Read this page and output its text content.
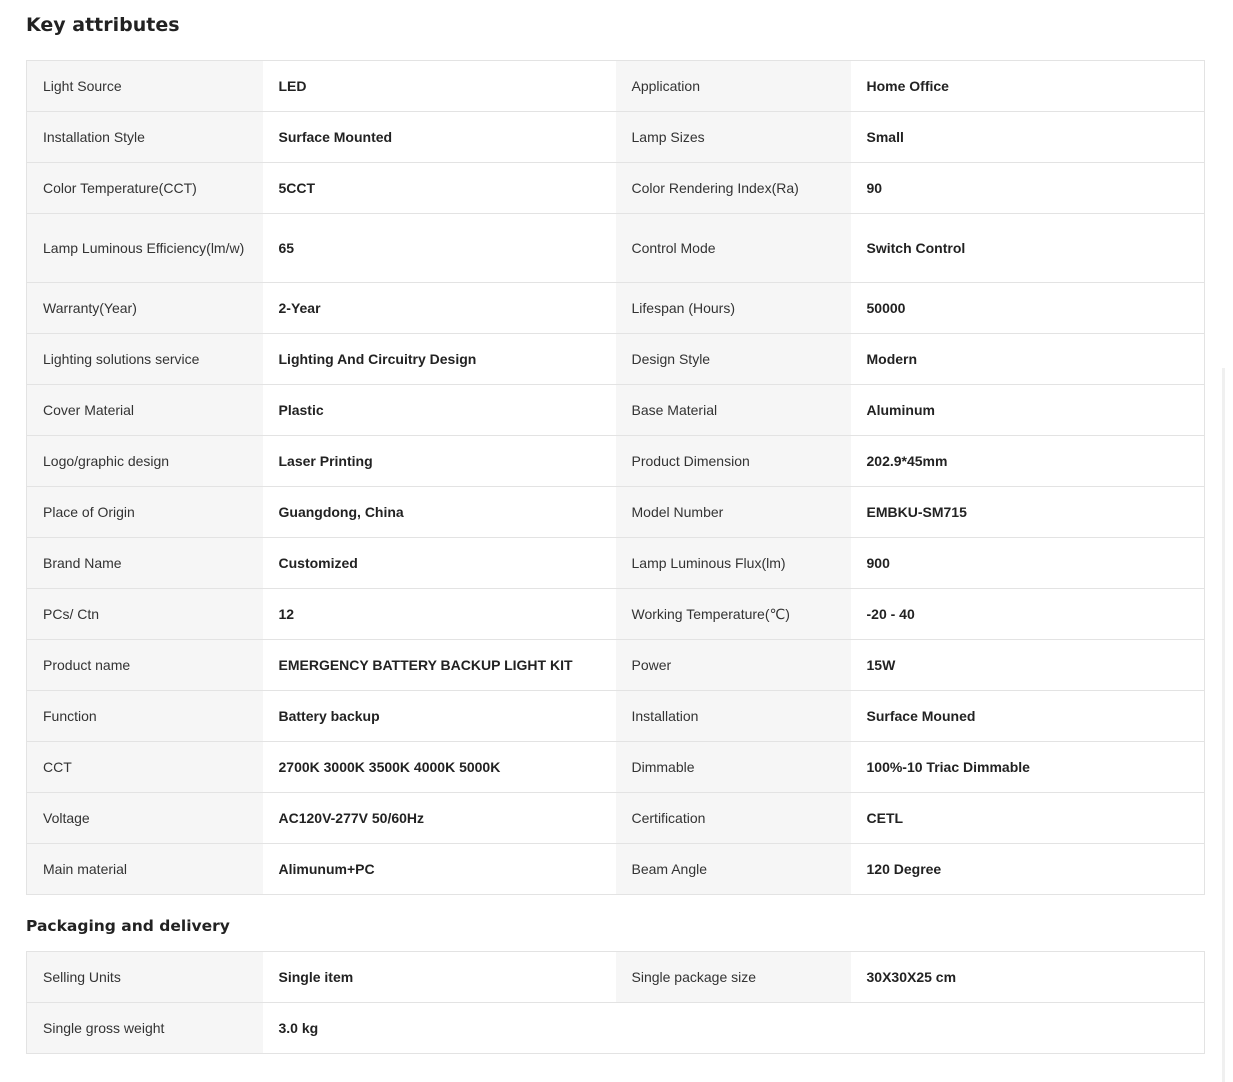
Key attributes
Light Source	LED	Application	Home Office
Installation Style	Surface Mounted	Lamp Sizes	Small
Color Temperature(CCT)	5CCT	Color Rendering Index(Ra)	90
Lamp Luminous Efficiency(lm/w)	65	Control Mode	Switch Control
Warranty(Year)	2-Year	Lifespan (Hours)	50000
Lighting solutions service	Lighting And Circuitry Design	Design Style	Modern
Cover Material	Plastic	Base Material	Aluminum
Logo/graphic design	Laser Printing	Product Dimension	202.9*45mm
Place of Origin	Guangdong, China	Model Number	EMBKU-SM715
Brand Name	Customized	Lamp Luminous Flux(lm)	900
PCs/ Ctn	12	Working Temperature(℃)	-20 - 40
Product name	EMERGENCY BATTERY BACKUP LIGHT KIT	Power	15W
Function	Battery backup	Installation	Surface Mouned
CCT	2700K 3000K 3500K 4000K 5000K	Dimmable	100%-10 Triac Dimmable
Voltage	AC120V-277V 50/60Hz	Certification	CETL
Main material	Alimunum+PC	Beam Angle	120 Degree
Packaging and delivery
Selling Units	Single item	Single package size	30X30X25 cm
Single gross weight	3.0 kg		
